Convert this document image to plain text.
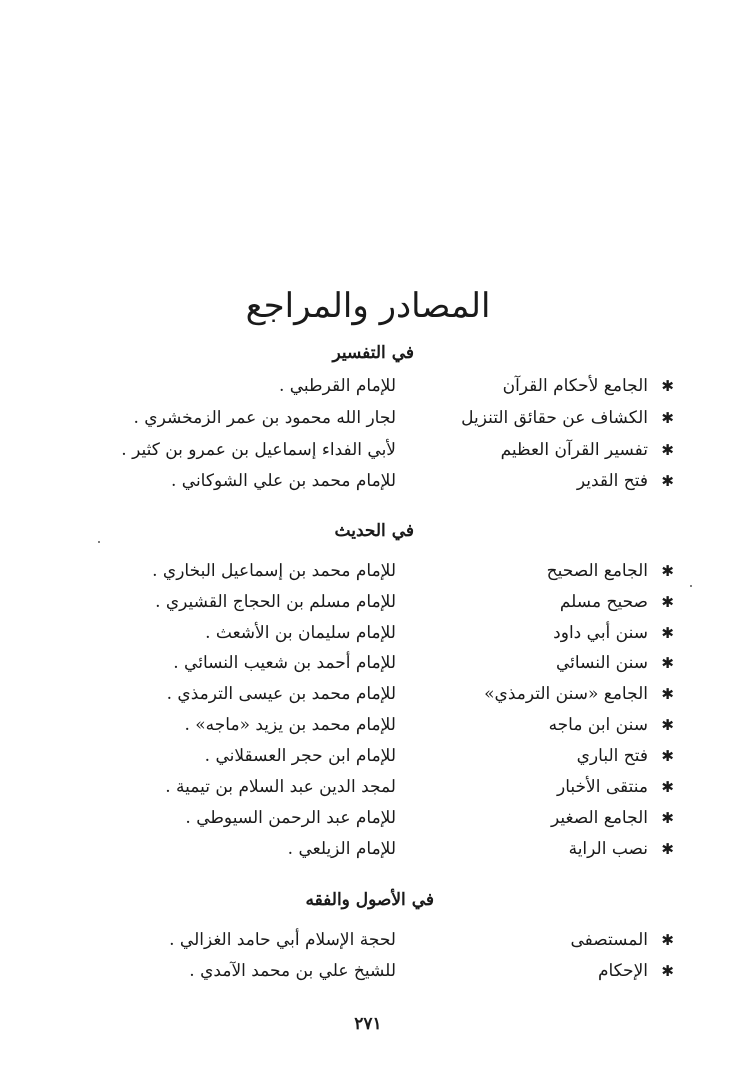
المصادر والمراجع
في التفسير
✱
الجامع لأحكام القرآن
للإمام القرطبي .
✱
الكشاف عن حقائق التنزيل
لجار الله محمود بن عمر الزمخشري .
✱
تفسير القرآن العظيم
لأبي الفداء إسماعيل بن عمرو بن كثير .
✱
فتح القدير
للإمام محمد بن علي الشوكاني .
في الحديث
✱
الجامع الصحيح
للإمام محمد بن إسماعيل البخاري .
✱
صحيح مسلم
للإمام مسلم بن الحجاج القشيري .
✱
سنن أبي داود
للإمام سليمان بن الأشعث .
✱
سنن النسائي
للإمام أحمد بن شعيب النسائي .
✱
الجامع «سنن الترمذي»
للإمام محمد بن عيسى الترمذي .
✱
سنن ابن ماجه
للإمام محمد بن يزيد «ماجه» .
✱
فتح الباري
للإمام ابن حجر العسقلاني .
✱
منتقى الأخبار
لمجد الدين عبد السلام بن تيمية .
✱
الجامع الصغير
للإمام عبد الرحمن السيوطي .
✱
نصب الراية
للإمام الزيلعي .
في الأصول والفقه
✱
المستصفى
لحجة الإسلام أبي حامد الغزالي .
✱
الإحكام
للشيخ علي بن محمد الآمدي .
٢٧١
